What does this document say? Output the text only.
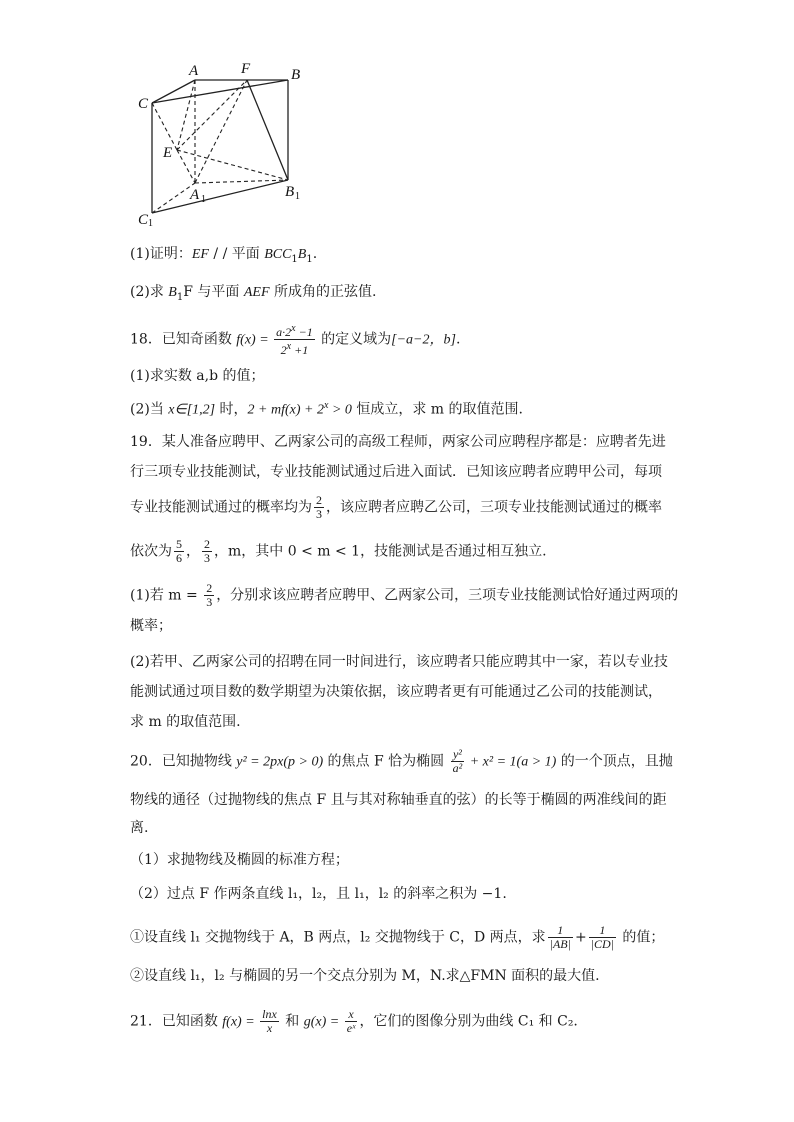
A	F	B
C
E
A 1	B 1
C 1
(1)证明：EF / / 平面 $BCC_1B_1$.
(2)求 $B_1F$ 与平面 AEF 所成角的正弦值.
18．已知奇函数 $f(x) = \frac{a\cdot 2^x -1}{2^x +1}$ 的定义域为[−a−2，b].
(1)求实数 a,b 的值；
(2)当 x∈[1,2] 时，$2 + mf(x) + 2^x > 0$ 恒成立，求 m 的取值范围.
19．某人准备应聘甲、乙两家公司的高级工程师，两家公司应聘程序都是：应聘者先进
行三项专业技能测试，专业技能测试通过后进入面试．已知该应聘者应聘甲公司，每项
专业技能测试通过的概率均为 $\frac{2}{3}$ ，该应聘者应聘乙公司，三项专业技能测试通过的概率
依次为 $\frac{5}{6}$ ， $\frac{2}{3}$ ，m，其中 0 < m < 1，技能测试是否通过相互独立.
(1)若 $m = \frac{2}{3}$ ，分别求该应聘者应聘甲、乙两家公司，三项专业技能测试恰好通过两项的
概率；
(2)若甲、乙两家公司的招聘在同一时间进行，该应聘者只能应聘其中一家，若以专业技
能测试通过项目数的数学期望为决策依据，该应聘者更有可能通过乙公司的技能测试，
求 m 的取值范围.
20．已知抛物线 y² = 2px(p > 0) 的焦点 F 恰为椭圆 $\frac{\text{y²}}{\text{a²}} + x^2 = 1(a > 1)$ 的一个顶点，且抛
物线的通径（过抛物线的焦点 F 且与其对称轴垂直的弦）的长等于椭圆的两准线间的距
离.
（1）求抛物线及椭圆的标准方程；
（2）过点 F 作两条直线 l₁，l₂，且 l₁，l₂ 的斜率之积为 −1.
①设直线 l₁ 交抛物线于 A，B 两点，l₂ 交抛物线于 C，D 两点，求 $\frac{1}{|AB|} + \frac{1}{|CD|}$ 的值；
②设直线 l₁，l₂ 与椭圆的另一个交点分别为 M，N.求△FMN 面积的最大值.
21．已知函数 $f(x) = \frac{\ln x}{x}$ 和 $g(x) = \frac{x}{\text{eˣ}}$ ，它们的图像分别为曲线 C₁ 和 C₂.
